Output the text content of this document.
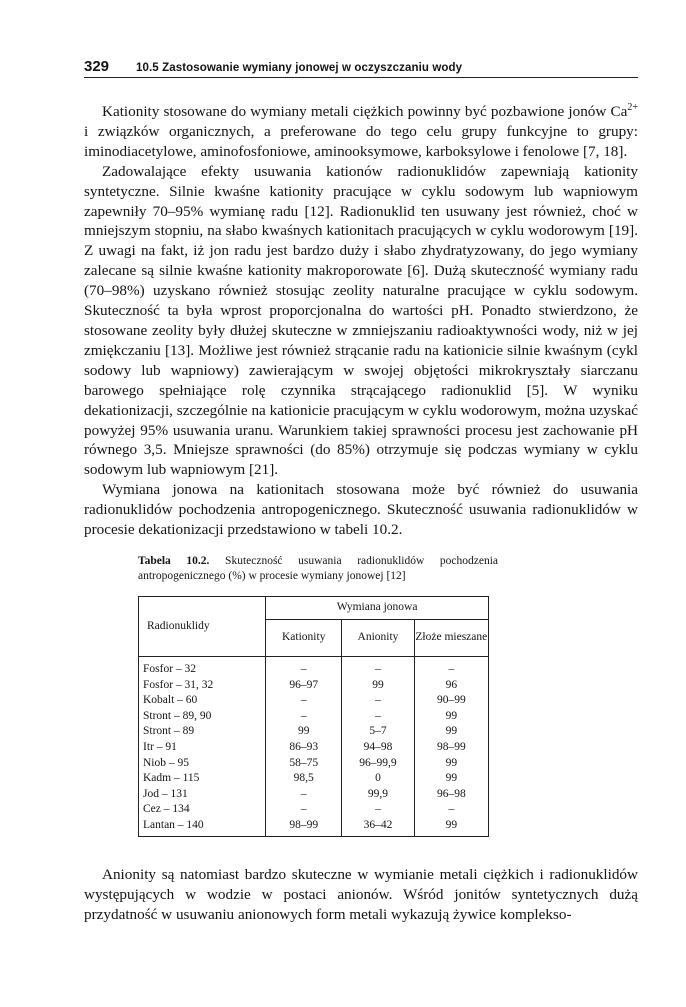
329	10.5 Zastosowanie wymiany jonowej w oczyszczaniu wody

Kationity stosowane do wymiany metali ciężkich powinny być pozbawione jonów $Ca^{2+}$ i związków organicznych, a preferowane do tego celu grupy funkcyjne to grupy: iminodiacetylowe, aminofosfoniowe, aminooksymowe, karboksylowe i fenolowe [7, 18].

Zadowalające efekty usuwania kationów radionuklidów zapewniają kationity syntetyczne. Silnie kwaśne kationity pracujące w cyklu sodowym lub wapniowym zapewniły 70–95% wymianę radu [12]. Radionuklid ten usuwany jest również, choć w mniejszym stopniu, na słabo kwaśnych kationitach pracujących w cyklu wodorowym [19]. Z uwagi na fakt, iż jon radu jest bardzo duży i słabo zhydratyzowany, do jego wymiany zalecane są silnie kwaśne kationity makroporowate [6]. Dużą skuteczność wymiany radu (70–98%) uzyskano również stosując zeolity naturalne pracujące w cyklu sodowym. Skuteczność ta była wprost proporcjonalna do wartości pH. Ponadto stwierdzono, że stosowane zeolity były dłużej skuteczne w zmniejszaniu radioaktywności wody, niż w jej zmiękczaniu [13]. Możliwe jest również strącanie radu na kationicie silnie kwaśnym (cykl sodowy lub wapniowy) zawierającym w swojej objętości mikrokryształy siarczanu barowego spełniające rolę czynnika strącającego radionuklid [5]. W wyniku dekationizacji, szczególnie na kationicie pracującym w cyklu wodorowym, można uzyskać powyżej 95% usuwania uranu. Warunkiem takiej sprawności procesu jest zachowanie pH równego 3,5. Mniejsze sprawności (do 85%) otrzymuje się podczas wymiany w cyklu sodowym lub wapniowym [21].

Wymiana jonowa na kationitach stosowana może być również do usuwania radionuklidów pochodzenia antropogenicznego. Skuteczność usuwania radionuklidów w procesie dekationizacji przedstawiono w tabeli 10.2.

Tabela 10.2. Skuteczność usuwania radionuklidów pochodzenia antropogenicznego (%) w procesie wymiany jonowej [12]
Radionuklidy	Wymiana jonowa		
	Kationity	Anionity	Złoże mieszane
Fosfor – 32	–	–	–
Fosfor – 31, 32	96–97	99	96
Kobalt – 60	–	–	90–99
Stront – 89, 90	–	–	99
Stront – 89	99	5–7	99
Itr – 91	86–93	94–98	98–99
Niob – 95	58–75	96–99,9	99
Kadm – 115	98,5	0	99
Jod – 131	–	99,9	96–98
Cez – 134	–	–	–
Lantan – 140	98–99	36–42	99

Anionity są natomiast bardzo skuteczne w wymianie metali ciężkich i radionuklidów występujących w wodzie w postaci anionów. Wśród jonitów syntetycznych dużą przydatność w usuwaniu anionowych form metali wykazują żywice komplekso-
